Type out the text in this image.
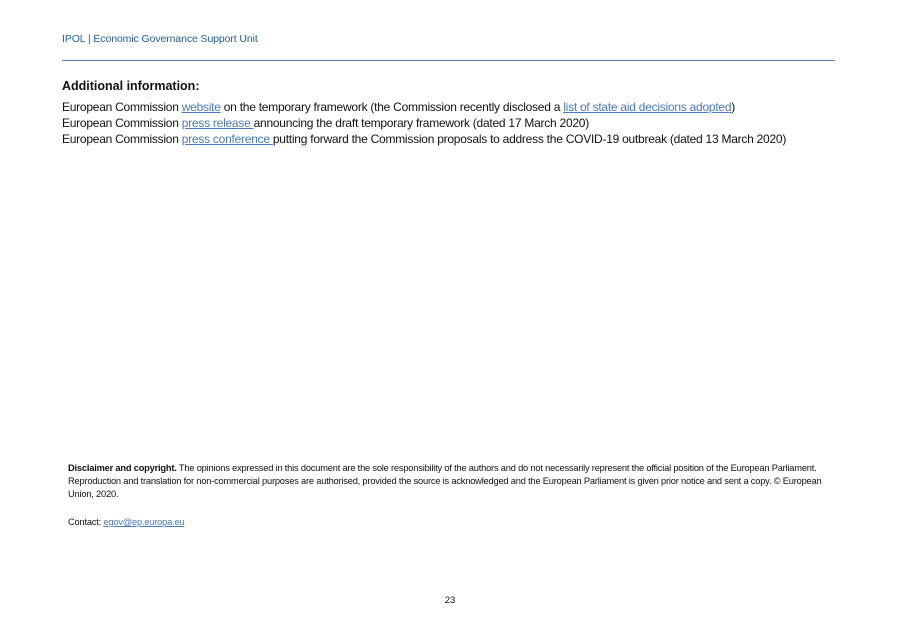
IPOL | Economic Governance Support Unit
Additional information:
European Commission website on the temporary framework (the Commission recently disclosed a list of state aid decisions adopted)
European Commission press release announcing the draft temporary framework (dated 17 March 2020)
European Commission press conference putting forward the Commission proposals to address the COVID-19 outbreak (dated 13 March 2020)
Disclaimer and copyright. The opinions expressed in this document are the sole responsibility of the authors and do not necessarily represent the official position of the European Parliament. Reproduction and translation for non-commercial purposes are authorised, provided the source is acknowledged and the European Parliament is given prior notice and sent a copy. © European Union, 2020.
Contact: egov@ep.europa.eu
23
